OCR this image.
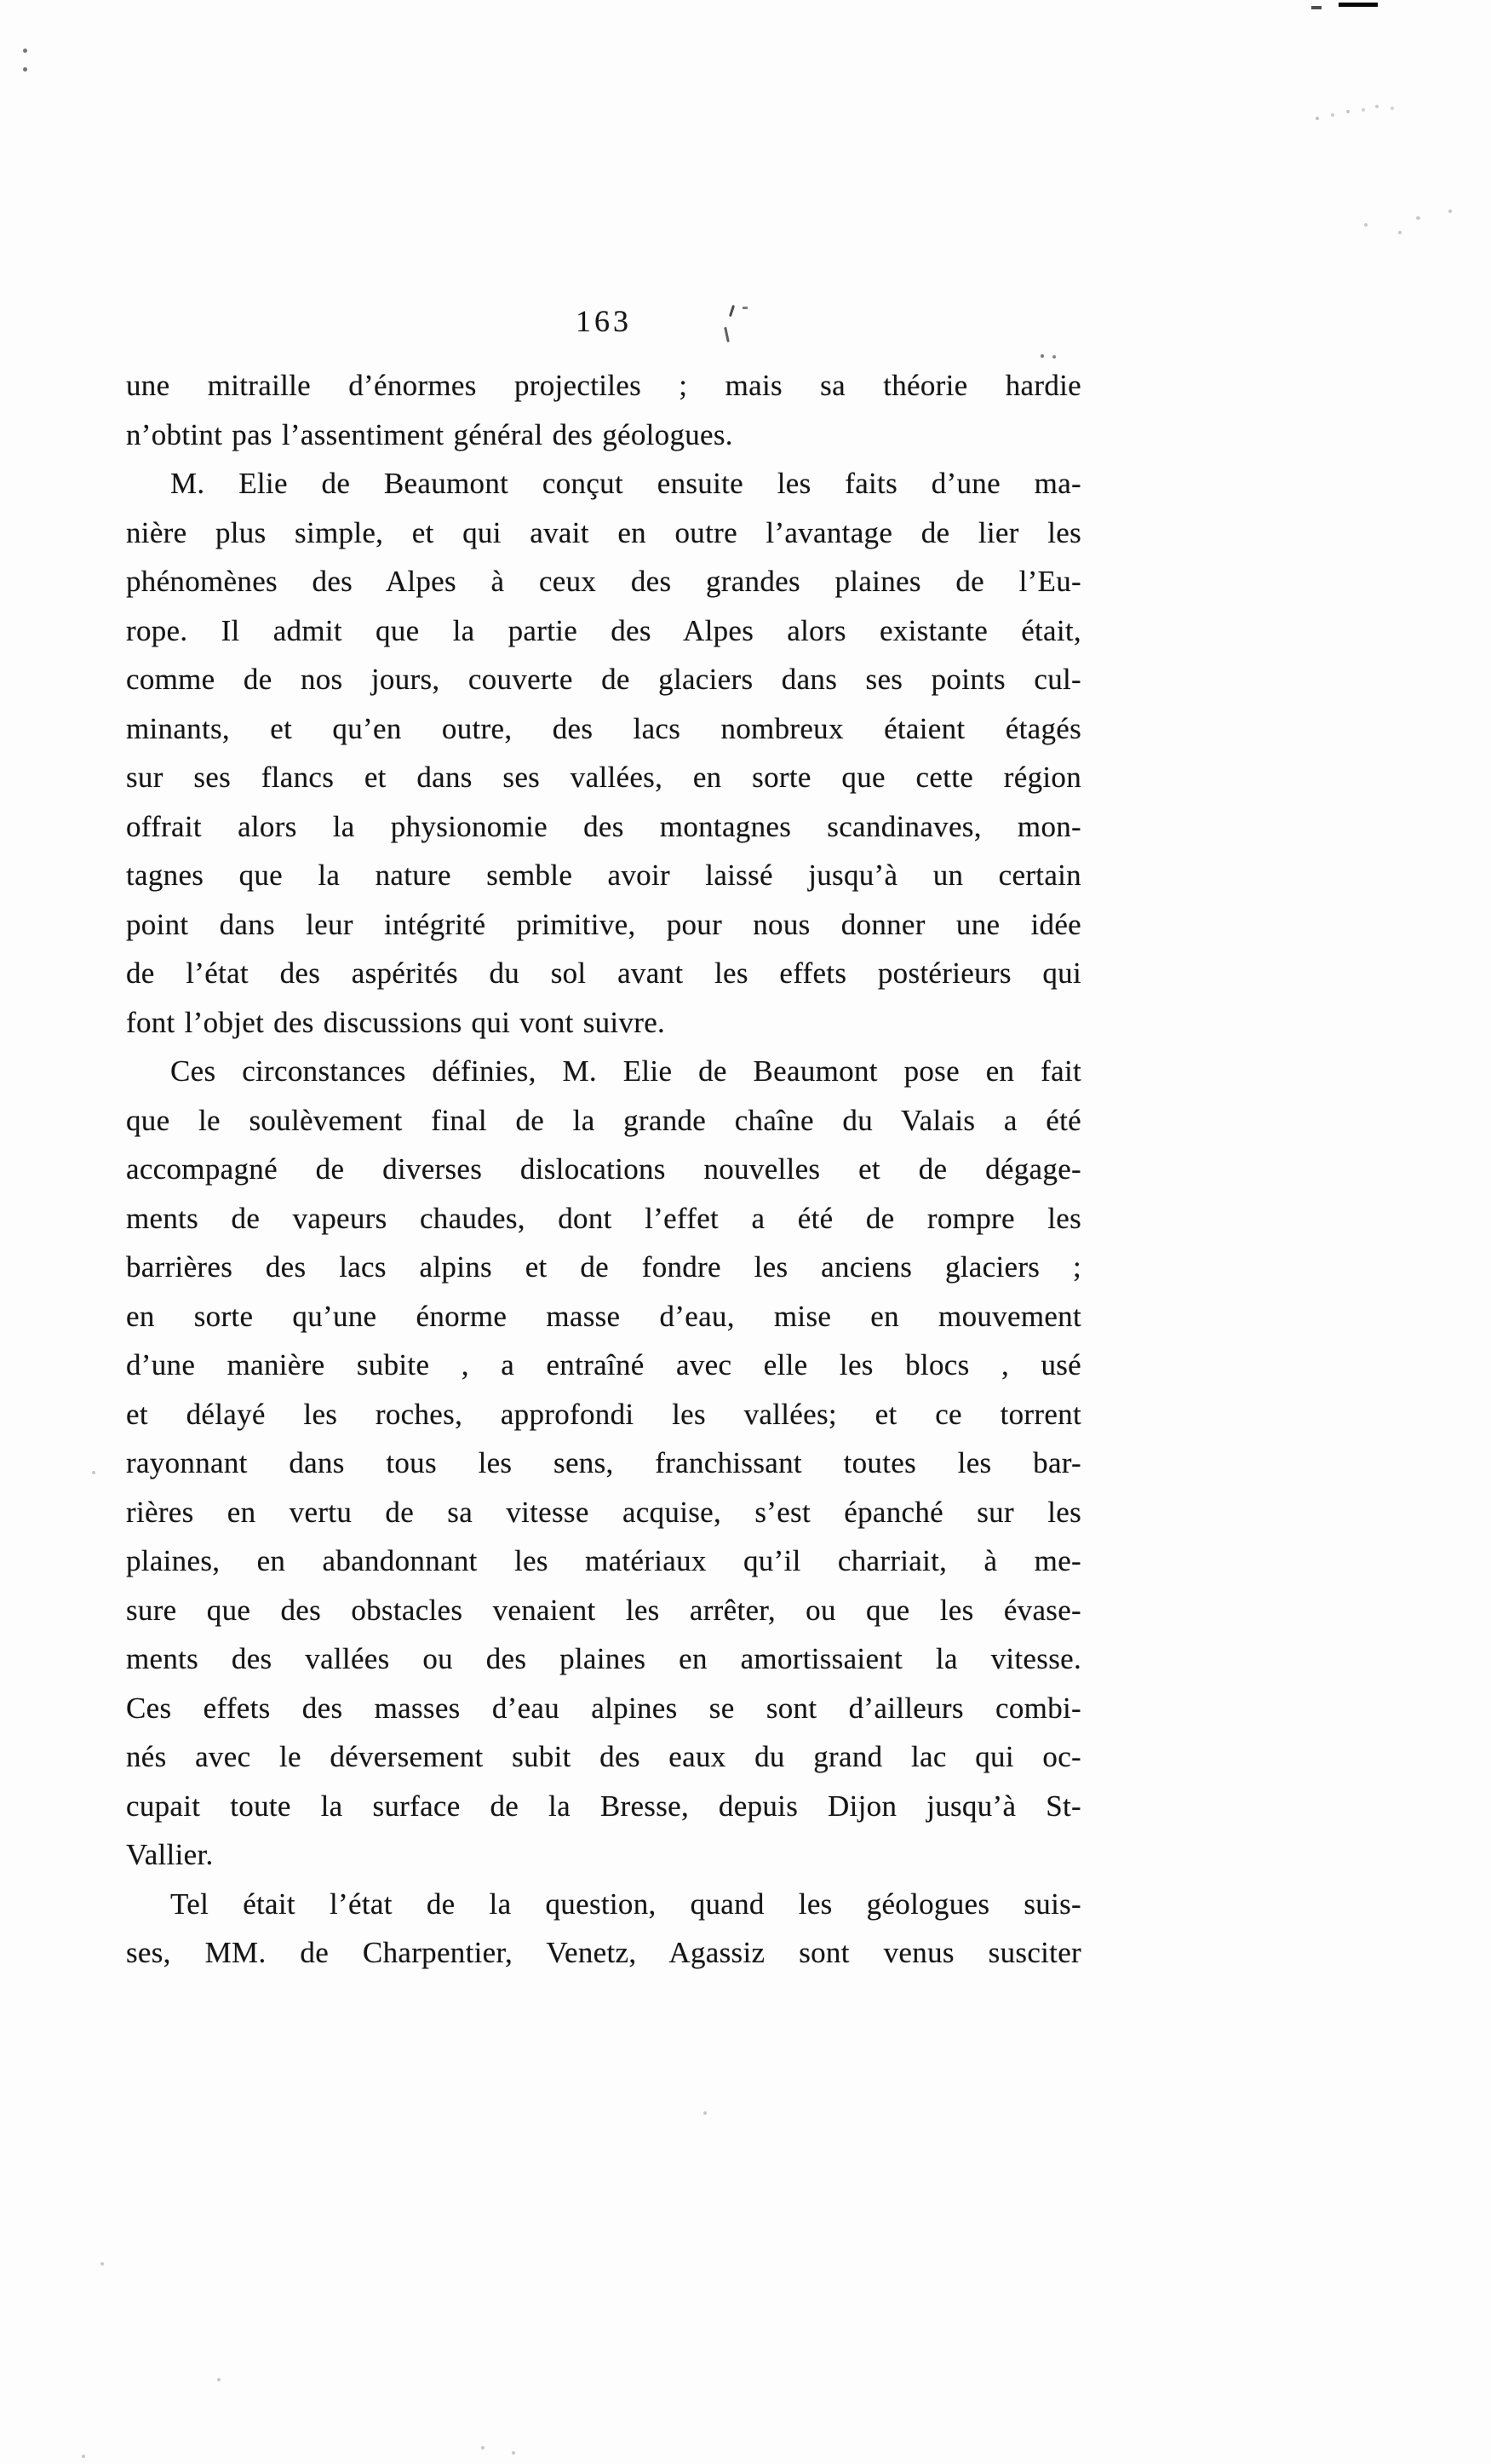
163
une mitraille d’énormes projectiles ; mais sa théorie hardie
n’obtint pas l’assentiment général des géologues.
M. Elie de Beaumont conçut ensuite les faits d’une ma-
nière plus simple, et qui avait en outre l’avantage de lier les
phénomènes des Alpes à ceux des grandes plaines de l’Eu-
rope. Il admit que la partie des Alpes alors existante était,
comme de nos jours, couverte de glaciers dans ses points cul-
minants, et qu’en outre, des lacs nombreux étaient étagés
sur ses flancs et dans ses vallées, en sorte que cette région
offrait alors la physionomie des montagnes scandinaves, mon-
tagnes que la nature semble avoir laissé jusqu’à un certain
point dans leur intégrité primitive, pour nous donner une idée
de l’état des aspérités du sol avant les effets postérieurs qui
font l’objet des discussions qui vont suivre.
Ces circonstances définies, M. Elie de Beaumont pose en fait
que le soulèvement final de la grande chaîne du Valais a été
accompagné de diverses dislocations nouvelles et de dégage-
ments de vapeurs chaudes, dont l’effet a été de rompre les
barrières des lacs alpins et de fondre les anciens glaciers ;
en sorte qu’une énorme masse d’eau, mise en mouvement
d’une manière subite , a entraîné avec elle les blocs , usé
et délayé les roches, approfondi les vallées; et ce torrent
rayonnant dans tous les sens, franchissant toutes les bar-
rières en vertu de sa vitesse acquise, s’est épanché sur les
plaines, en abandonnant les matériaux qu’il charriait, à me-
sure que des obstacles venaient les arrêter, ou que les évase-
ments des vallées ou des plaines en amortissaient la vitesse.
Ces effets des masses d’eau alpines se sont d’ailleurs combi-
nés avec le déversement subit des eaux du grand lac qui oc-
cupait toute la surface de la Bresse, depuis Dijon jusqu’à St-
Vallier.
Tel était l’état de la question, quand les géologues suis-
ses, MM. de Charpentier, Venetz, Agassiz sont venus susciter
